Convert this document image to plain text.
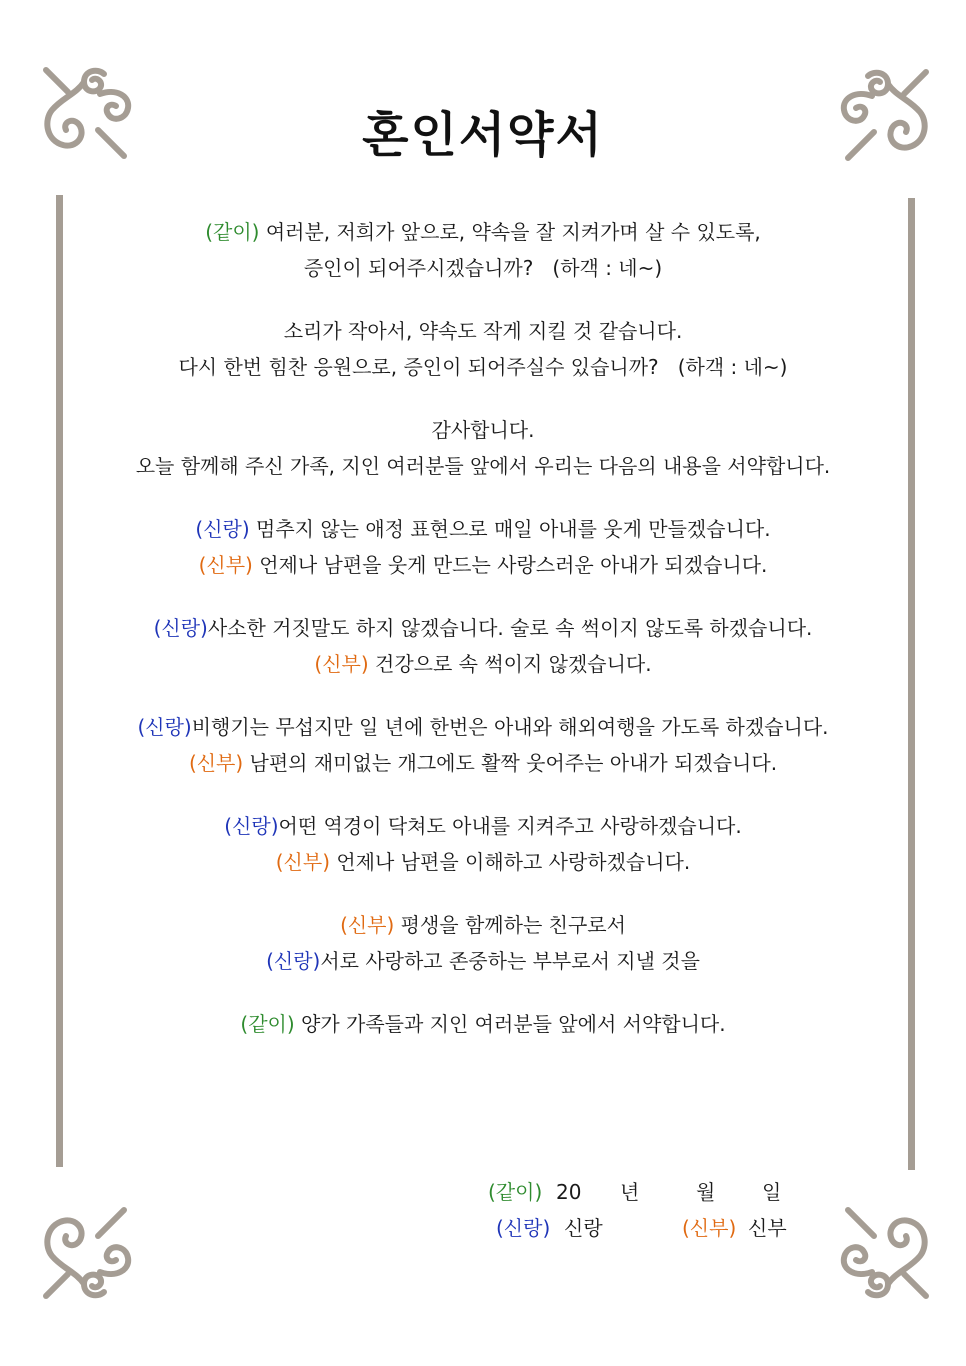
혼인서약서
(같이) 여러분, 저희가 앞으로, 약속을 잘 지켜가며 살 수 있도록,
증인이 되어주시겠습니까?   (하객 : 네~)
소리가 작아서, 약속도 작게 지킬 것 같습니다.
다시 한번 힘찬 응원으로, 증인이 되어주실수 있습니까?   (하객 : 네~)
감사합니다.
오늘 함께해 주신 가족, 지인 여러분들 앞에서 우리는 다음의 내용을 서약합니다.
(신랑) 멈추지 않는 애정 표현으로 매일 아내를 웃게 만들겠습니다.
(신부) 언제나 남편을 웃게 만드는 사랑스러운 아내가 되겠습니다.
(신랑)사소한 거짓말도 하지 않겠습니다. 술로 속 썩이지 않도록 하겠습니다.
(신부) 건강으로 속 썩이지 않겠습니다.
(신랑)비행기는 무섭지만 일 년에 한번은 아내와 해외여행을 가도록 하겠습니다.
(신부) 남편의 재미없는 개그에도 활짝 웃어주는 아내가 되겠습니다.
(신랑)어떤 역경이 닥쳐도 아내를 지켜주고 사랑하겠습니다.
(신부) 언제나 남편을 이해하고 사랑하겠습니다.
(신부) 평생을 함께하는 친구로서
(신랑)서로 사랑하고 존중하는 부부로서 지낼 것을
(같이) 양가 가족들과 지인 여러분들 앞에서 서약합니다.
(같이) 20 년	월 일
(신랑) 신랑	(신부) 신부
